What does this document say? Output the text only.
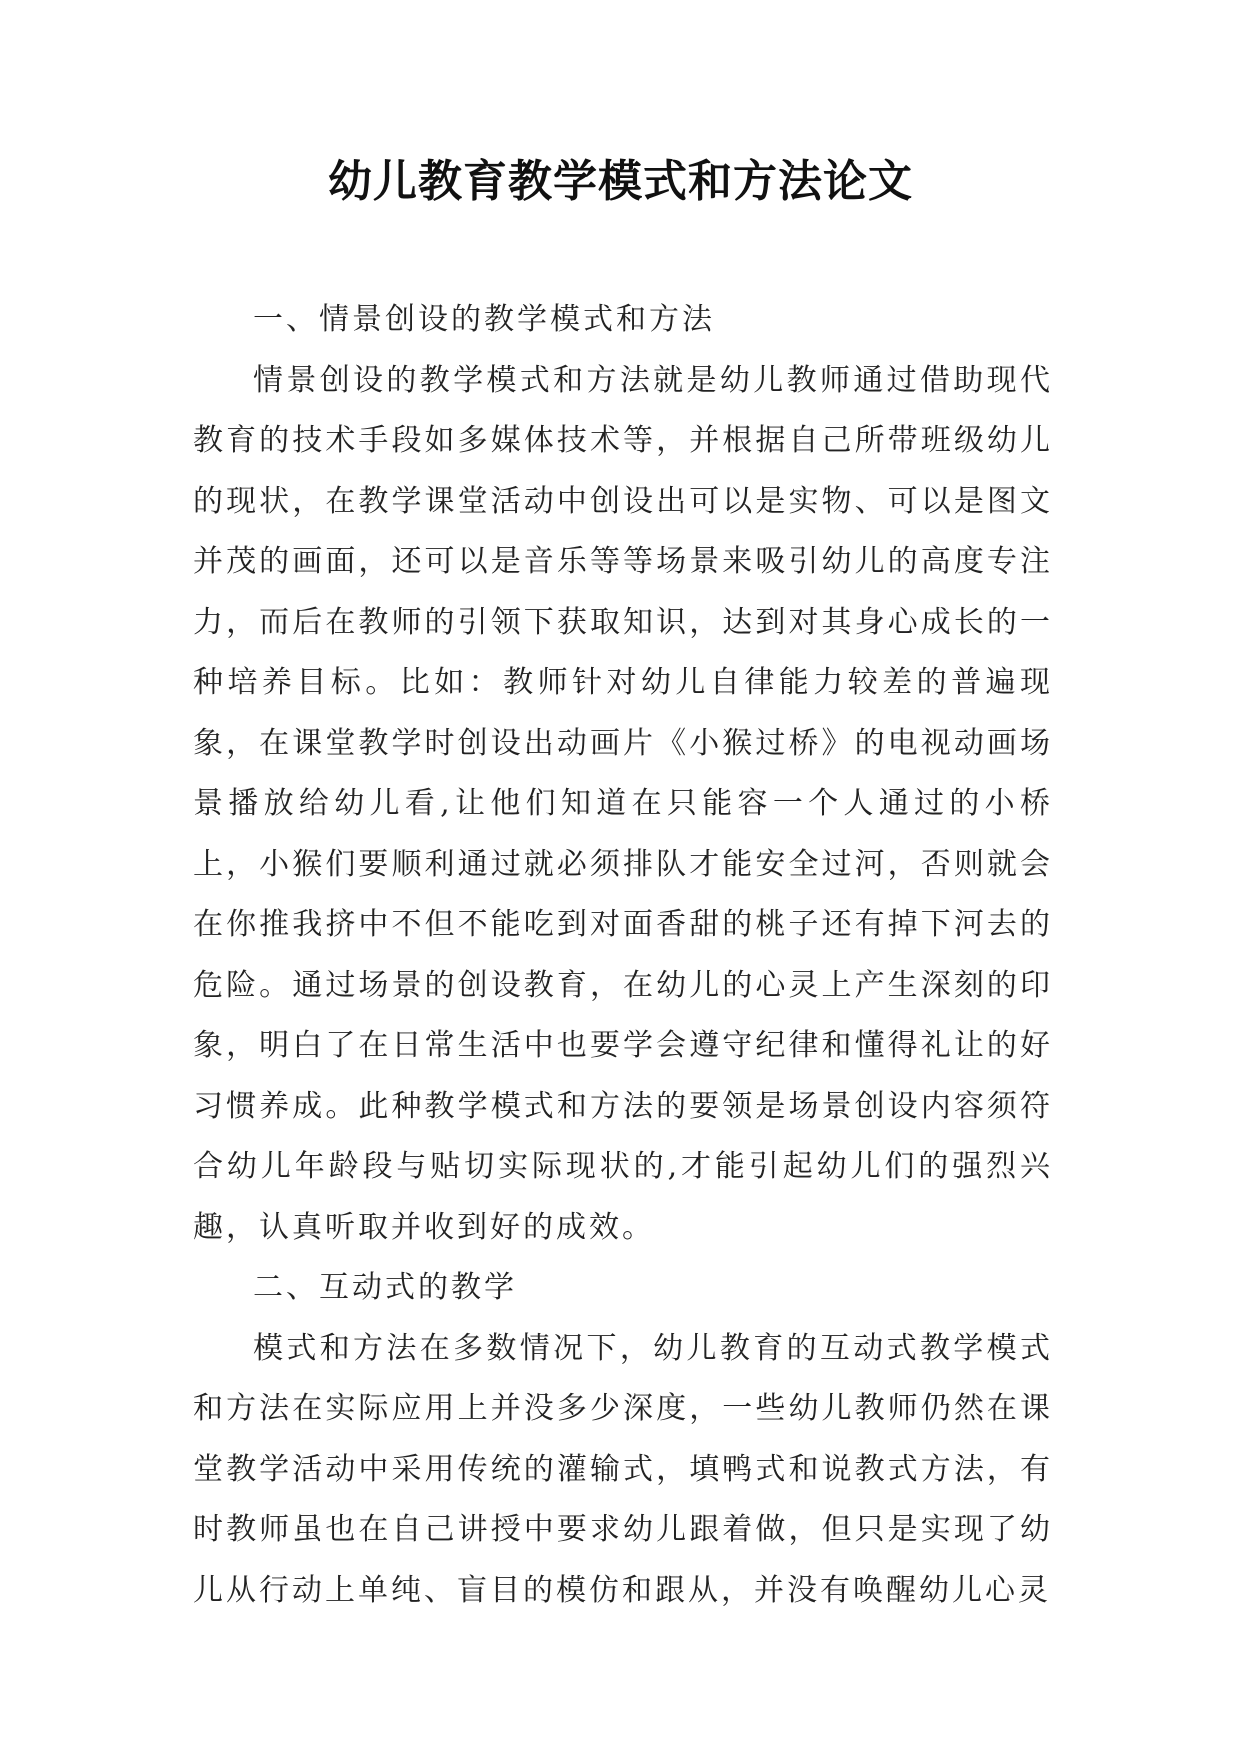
幼儿教育教学模式和方法论文

一、情景创设的教学模式和方法

情景创设的教学模式和方法就是幼儿教师通过借助现代教育的技术手段如多媒体技术等，并根据自己所带班级幼儿的现状，在教学课堂活动中创设出可以是实物、可以是图文并茂的画面，还可以是音乐等等场景来吸引幼儿的高度专注力，而后在教师的引领下获取知识，达到对其身心成长的一种培养目标。比如：教师针对幼儿自律能力较差的普遍现象，在课堂教学时创设出动画片《小猴过桥》的电视动画场景播放给幼儿看,让他们知道在只能容一个人通过的小桥上，小猴们要顺利通过就必须排队才能安全过河，否则就会在你推我挤中不但不能吃到对面香甜的桃子还有掉下河去的危险。通过场景的创设教育，在幼儿的心灵上产生深刻的印象，明白了在日常生活中也要学会遵守纪律和懂得礼让的好习惯养成。此种教学模式和方法的要领是场景创设内容须符合幼儿年龄段与贴切实际现状的,才能引起幼儿们的强烈兴趣，认真听取并收到好的成效。

二、互动式的教学

模式和方法在多数情况下，幼儿教育的互动式教学模式和方法在实际应用上并没多少深度，一些幼儿教师仍然在课堂教学活动中采用传统的灌输式，填鸭式和说教式方法，有时教师虽也在自己讲授中要求幼儿跟着做，但只是实现了幼儿从行动上单纯、盲目的模仿和跟从，并没有唤醒幼儿心灵
